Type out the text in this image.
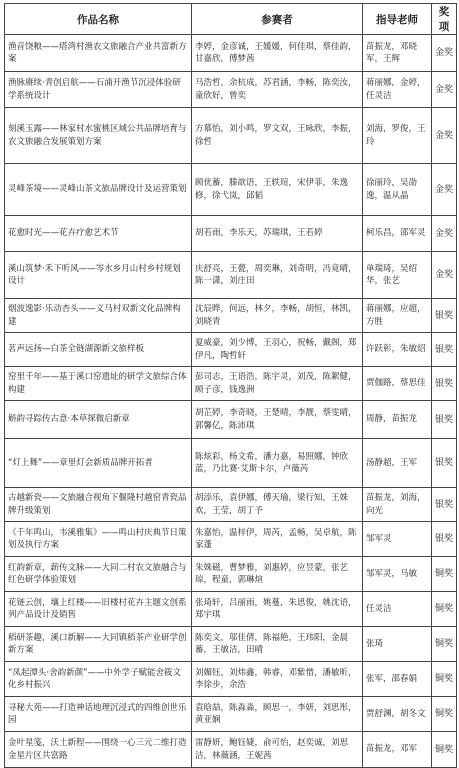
作品名称	参赛者	指导老师	奖项
渔音饶粮——塔湾村渔农文旅融合产业共富新方案	李婷，金彦诚，王媛媛，何佳琪，蔡佳韵，甘嘉欣，傅梦茜	苗振龙，邓晓军，王辉	金奖
渔脉赓续·青创启航——石浦开渔节沉浸体验研学系统设计	马浩哲，余杭成，苏君涵，李畅，陈奕汝，童欣好，曾奕	蒋丽娜，金婷，任灵洁	金奖
刻溪玉露——林家村水蜜桃区域公共品牌培育与农文旅融合发展策划方案	方慕怡，刘小鸣，罗文双，王咏欣，李振，徐哲	刘海，罗俊，王玲	金奖
灵峰茶境——灵峰山茶文旅品牌设计及运营策划	顾优蓄，滕歆语，王轶瑄，宋伊菲，朱逸修，徐弋岚，邱韬	徐丽玲，吴劭逸，温从晶	金奖
花愈时光——花卉疗愈艺术节	胡若雨，李乐天，苏瑞琪，王若婷	柯乐昌，邵军灵	金奖
溪山筑梦·禾下听风——岑水乡月山村乡村规划设计	庆舒亮，王甍，周奕琳，刘奇明，冯竟晴，陈一潇，刘庄田	单瑞琦，吴绍华，张艺	金奖
烟波逸影·乐动杏头——义马村双新文化品牌构建	沈辰晔，何远，林夕，李畅，胡恒，林凯，刘晓青	蒋丽娜，应超，方胜	银奖
茗声远扬—白茶全链湖源新文旅样板	夏威豪，刘少博，王羽心，祝畅，戴阁，郑伊凡，陶哲轩	许跃彰，朱敏炤	银奖
窑里千年——基于溪口窑遗址的研学文旅综合体构建	彭司志，王语浩，陈宇灵，刘茂，陈絮健，顾子彦，钱逸洲	贾伽路，蔡思佳	银奖
斛韵寻踪传古意·本草探微启新章	胡芷婷，李奇晓，王楚晴，李靓，蔡雯晴，郭馨亿，陈沛琪	周静，苗振龙	银奖
“灯上舞”——章里灯会新质品牌开拓者	陈炫彩，杨文希，潘力嘉，易照娜，钟欣蓝，乃比赛·艾斯卡尔，卢薇芮	汤静超，王军	银奖
古越新瓷——文旅融合视角下偃隆村越窑青瓷品牌升级策划	胡添乐，袁伊娜，傅天瑜，梁行知，王姝欢，王莹，胡丁予	苗振龙，刘海，向光	银奖
《千年鸣山，韦溪雅集》——鸣山村庆典节日策划及执行方案	朱嘉怡，温梓伊，周芮，孟畅，吴卓航，陈家蓬	邹军灵	银奖
红韵新章，薪传文脉——大同二村农文旅融合与红色研学体验策划	朱姝磁，曹梦雅，刘惠婷，应昱蒙，张艺琼，程童，郭琳煊	邹军灵，马敏	铜奖
花链云创，壤上红楼——旧楼村花卉主题文创系列产品设计及销售	张琦轩，吕丽雨，姚蔓，朱思俊，姚沈语，郑宇琪	任灵洁	铜奖
稻研茶趣，溪口新解——大同镇稻茶产业研学创新方案	陈奕文，邬佳倩，陈福艳，王玮阳，金晨蓄，王敏洁，田晴	张琦	铜奖
“凤起潭头·舍韵新颜”——中外学子赋能舍筱文化乡村振兴	刘媚钰，刘炜鑫，韩睿，邓紫惜，潘敏昕，李徐步，余浩	张军，邵春娟	铜奖
寻秘大苑——打造神话地理沉浸式的四维创世乐园	袁晗喆，陈淼淼，顾思一，李妍，刘思彤，黄亚娴	贾舒渊，胡冬文	铜奖
金叶星笺，沃土新程——围绕一心三元二维打造金星片区共富路	雷静妍，鲍钰婕，俞可怡，赵奕诚，刘思洁，林薇涵，王妮茜	苗振龙，邓军	铜奖
